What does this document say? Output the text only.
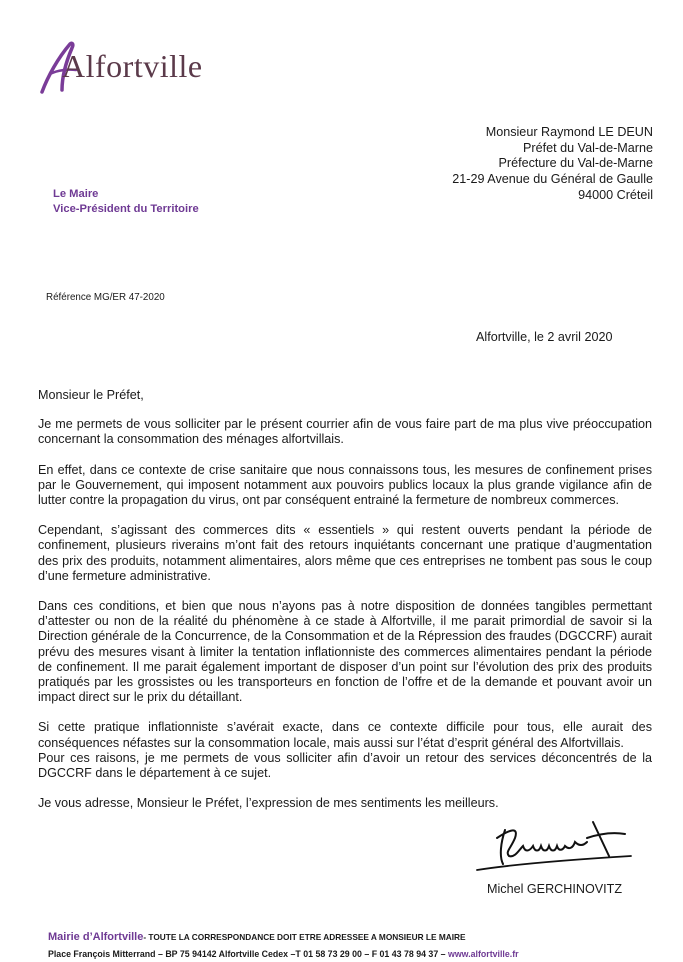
Alfortville
Monsieur Raymond LE DEUN
Préfet du Val-de-Marne
Préfecture du Val-de-Marne
21-29 Avenue du Général de Gaulle
94000 Créteil
Le Maire
Vice-Président du Territoire
Référence MG/ER 47-2020
Alfortville, le 2 avril 2020

Monsieur le Préfet,

Je me permets de vous solliciter par le présent courrier afin de vous faire part de ma plus vive préoccupation concernant la consommation des ménages alfortvillais.

En effet, dans ce contexte de crise sanitaire que nous connaissons tous, les mesures de confinement prises par le Gouvernement, qui imposent notamment aux pouvoirs publics locaux la plus grande vigilance afin de lutter contre la propagation du virus, ont par conséquent entrainé la fermeture de nombreux commerces.

Cependant, s’agissant des commerces dits « essentiels » qui restent ouverts pendant la période de confinement, plusieurs riverains m’ont fait des retours inquiétants concernant une pratique d’augmentation des prix des produits, notamment alimentaires, alors même que ces entreprises ne tombent pas sous le coup d’une fermeture administrative.

Dans ces conditions, et bien que nous n’ayons pas à notre disposition de données tangibles permettant d’attester ou non de la réalité du phénomène à ce stade à Alfortville, il me parait primordial de savoir si la Direction générale de la Concurrence, de la Consommation et de la Répression des fraudes (DGCCRF) aurait prévu des mesures visant à limiter la tentation inflationniste des commerces alimentaires pendant la période de confinement. Il me parait également important de disposer d’un point sur l’évolution des prix des produits pratiqués par les grossistes ou les transporteurs en fonction de l’offre et de la demande et pouvant avoir un impact direct sur le prix du détaillant.

Si cette pratique inflationniste s’avérait exacte, dans ce contexte difficile pour tous, elle aurait des conséquences néfastes sur la consommation locale, mais aussi sur l’état d’esprit général des Alfortvillais.

Pour ces raisons, je me permets de vous solliciter afin d’avoir un retour des services déconcentrés de la DGCCRF dans le département à ce sujet.

Je vous adresse, Monsieur le Préfet, l’expression de mes sentiments les meilleurs.

Michel GERCHINOVITZ
Mairie d’Alfortville- TOUTE LA CORRESPONDANCE DOIT ETRE ADRESSEE A MONSIEUR LE MAIRE
Place François Mitterrand – BP 75 94142 Alfortville Cedex –T 01 58 73 29 00 – F 01 43 78 94 37 – www.alfortville.fr
